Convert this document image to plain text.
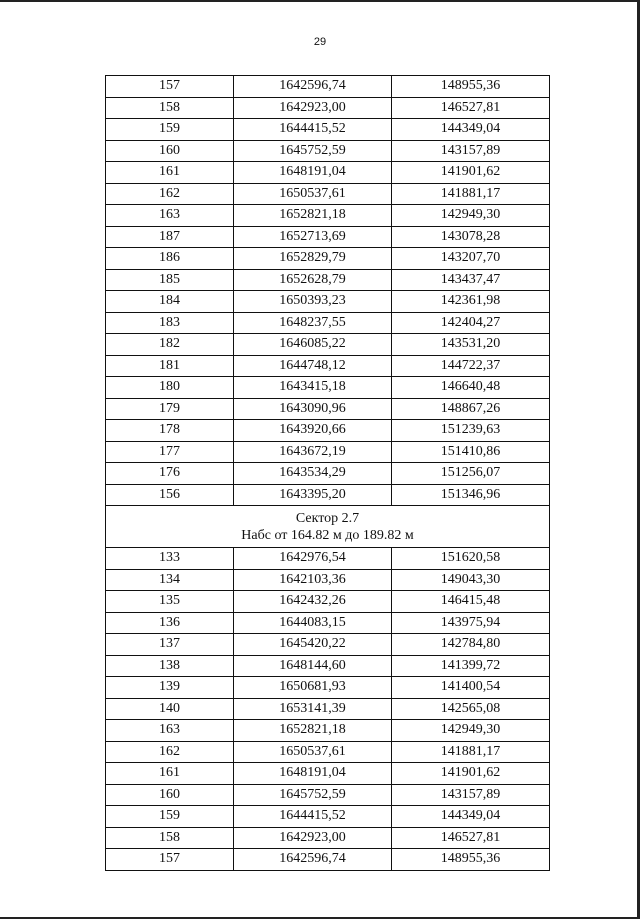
29
157	1642596,74	148955,36
158	1642923,00	146527,81
159	1644415,52	144349,04
160	1645752,59	143157,89
161	1648191,04	141901,62
162	1650537,61	141881,17
163	1652821,18	142949,30
187	1652713,69	143078,28
186	1652829,79	143207,70
185	1652628,79	143437,47
184	1650393,23	142361,98
183	1648237,55	142404,27
182	1646085,22	143531,20
181	1644748,12	144722,37
180	1643415,18	146640,48
179	1643090,96	148867,26
178	1643920,66	151239,63
177	1643672,19	151410,86
176	1643534,29	151256,07
156	1643395,20	151346,96

Сектор 2.7
Набс от 164.82 м до 189.82 м		

133	1642976,54	151620,58
134	1642103,36	149043,30
135	1642432,26	146415,48
136	1644083,15	143975,94
137	1645420,22	142784,80
138	1648144,60	141399,72
139	1650681,93	141400,54
140	1653141,39	142565,08
163	1652821,18	142949,30
162	1650537,61	141881,17
161	1648191,04	141901,62
160	1645752,59	143157,89
159	1644415,52	144349,04
158	1642923,00	146527,81
157	1642596,74	148955,36
